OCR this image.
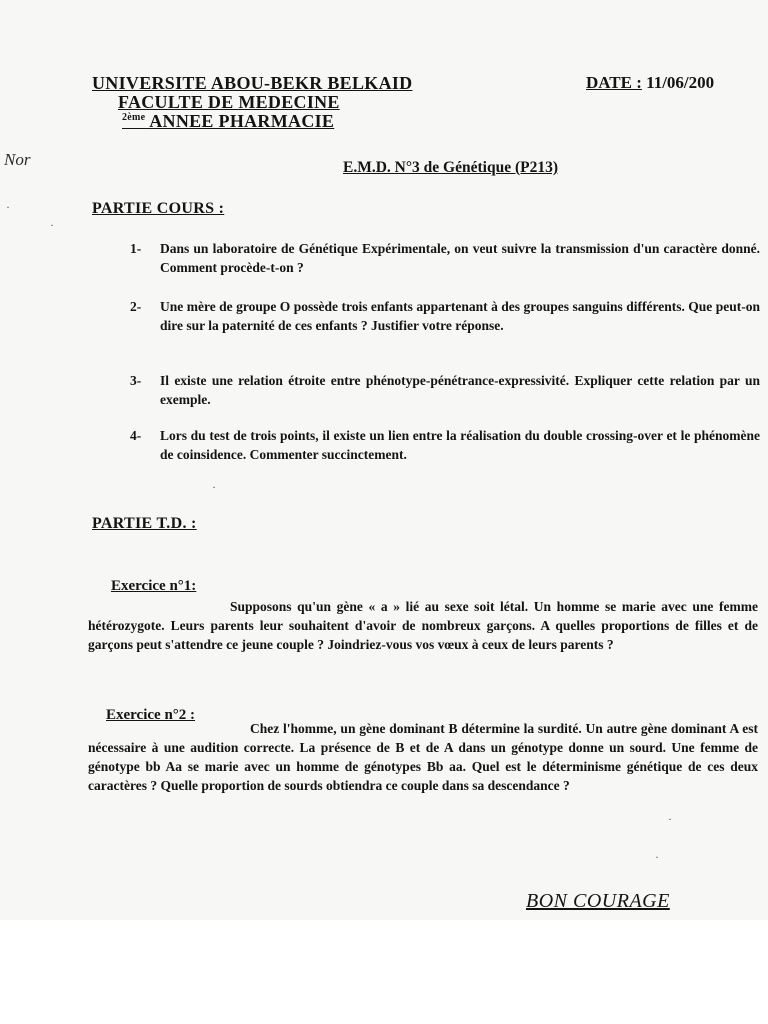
Nor
UNIVERSITE ABOU-BEKR BELKAID
FACULTE DE MEDECINE
$^{2ème}$ ANNEE PHARMACIE
DATE : 11/06/200
E.M.D. N°3 de Génétique (P213)
PARTIE COURS :
1-	Dans un laboratoire de Génétique Expérimentale, on veut suivre la transmission d'un caractère donné. Comment procède-t-on ?
2-	Une mère de groupe O possède trois enfants appartenant à des groupes sanguins différents. Que peut-on dire sur la paternité de ces enfants ? Justifier votre réponse.
3-	Il existe une relation étroite entre phénotype-pénétrance-expressivité. Expliquer cette relation par un exemple.
4-	Lors du test de trois points, il existe un lien entre la réalisation du double crossing-over et le phénomène de coinsidence. Commenter succinctement.
PARTIE T.D. :
Exercice n°1:
Supposons qu'un gène « a » lié au sexe soit létal. Un homme se marie avec une femme hétérozygote. Leurs parents leur souhaitent d'avoir de nombreux garçons. A quelles proportions de filles et de garçons peut s'attendre ce jeune couple ? Joindriez-vous vos vœux à ceux de leurs parents ?
Exercice n°2 :
Chez l'homme, un gène dominant B détermine la surdité. Un autre gène dominant A est nécessaire à une audition correcte. La présence de B et de A dans un génotype donne un sourd. Une femme de génotype bb Aa se marie avec un homme de génotypes Bb aa. Quel est le déterminisme génétique de ces deux caractères ? Quelle proportion de sourds obtiendra ce couple dans sa descendance ?
BON COURAGE
·
·
·
·
·
